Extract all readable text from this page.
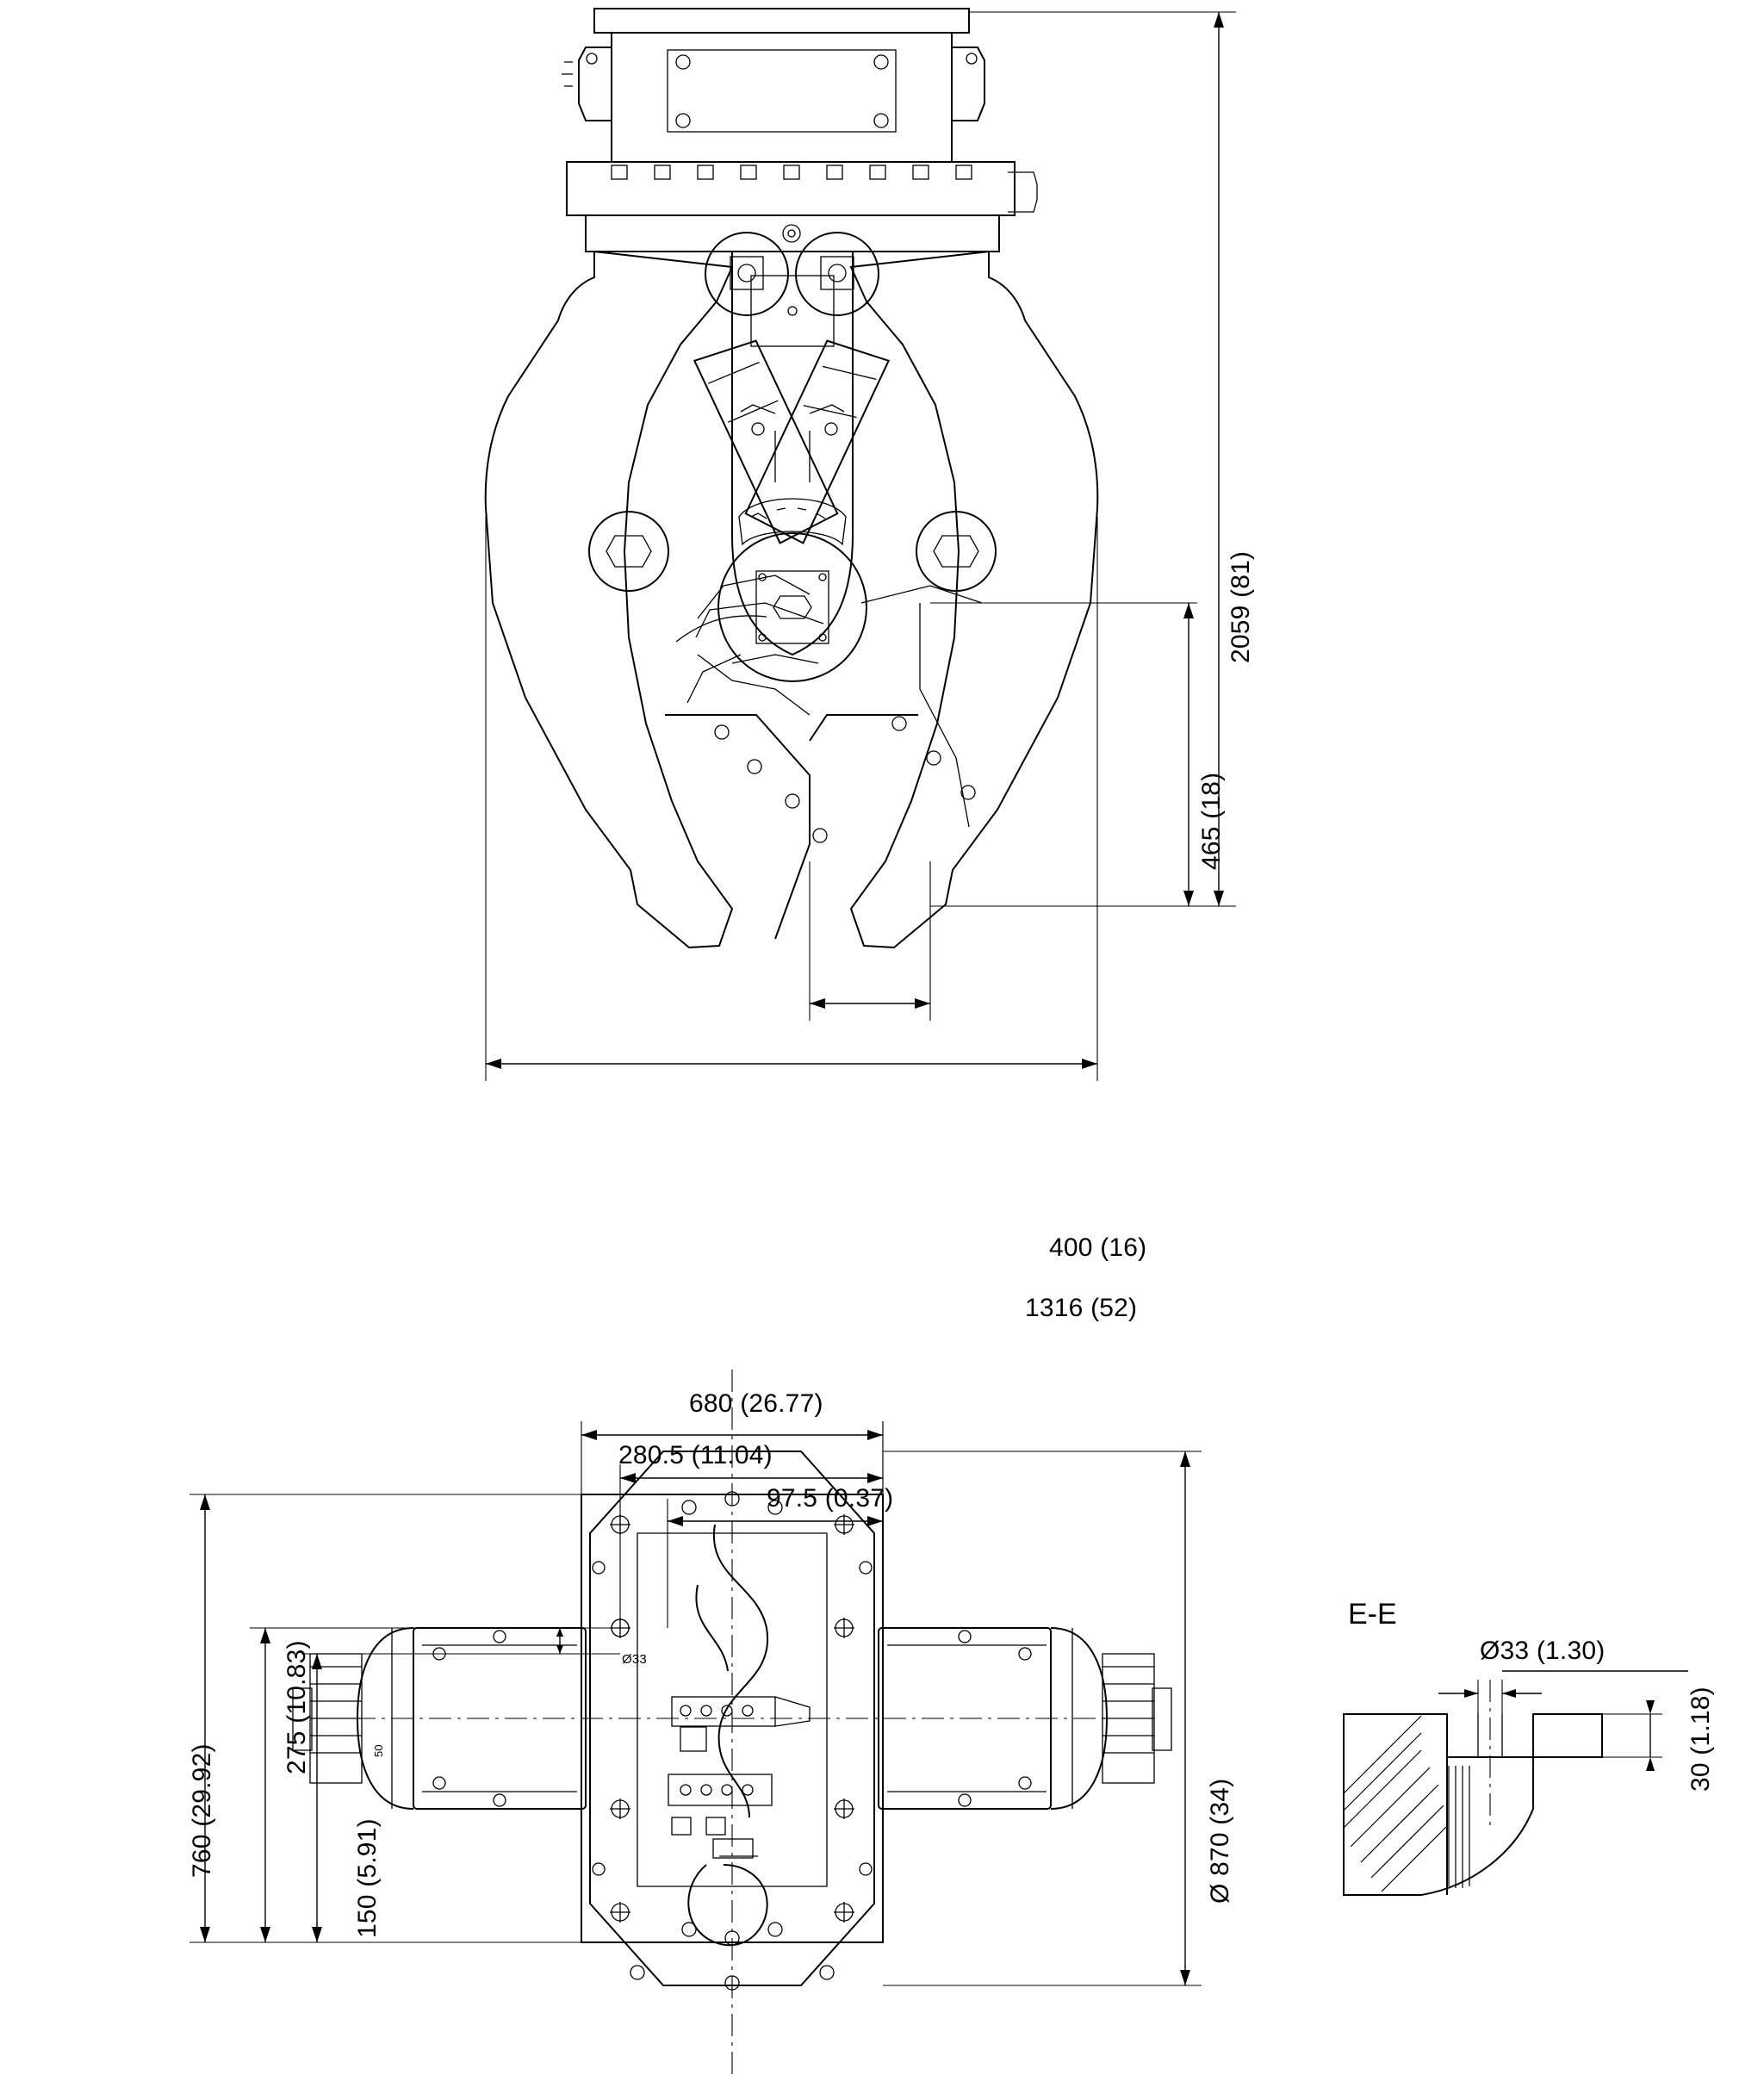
2059 (81)
465 (18)
400 (16)
1316 (52)
680 (26.77)
280.5 (11.04)
97.5 (0.37)
760 (29.92)
275 (10.83)
150 (5.91)	Ø 870 (34)
Ø33
50
E-E
Ø33 (1.30)
30 (1.18)
